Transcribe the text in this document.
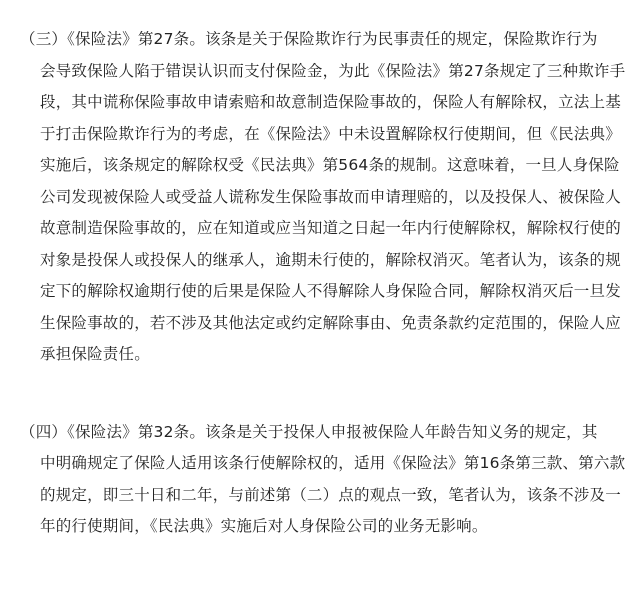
（三）《保险法》第27条。该条是关于保险欺诈行为民事责任的规定，保险欺诈行为
会导致保险人陷于错误认识而支付保险金，为此《保险法》第27条规定了三种欺诈手
段，其中谎称保险事故申请索赔和故意制造保险事故的，保险人有解除权，立法上基
于打击保险欺诈行为的考虑，在《保险法》中未设置解除权行使期间，但《民法典》
实施后，该条规定的解除权受《民法典》第564条的规制。这意味着，一旦人身保险
公司发现被保险人或受益人谎称发生保险事故而申请理赔的，以及投保人、被保险人
故意制造保险事故的，应在知道或应当知道之日起一年内行使解除权，解除权行使的
对象是投保人或投保人的继承人，逾期未行使的，解除权消灭。笔者认为，该条的规
定下的解除权逾期行使的后果是保险人不得解除人身保险合同，解除权消灭后一旦发
生保险事故的，若不涉及其他法定或约定解除事由、免责条款约定范围的，保险人应
承担保险责任。
（四）《保险法》第32条。该条是关于投保人申报被保险人年龄告知义务的规定，其
中明确规定了保险人适用该条行使解除权的，适用《保险法》第16条第三款、第六款
的规定，即三十日和二年，与前述第（二）点的观点一致，笔者认为，该条不涉及一
年的行使期间，《民法典》实施后对人身保险公司的业务无影响。
